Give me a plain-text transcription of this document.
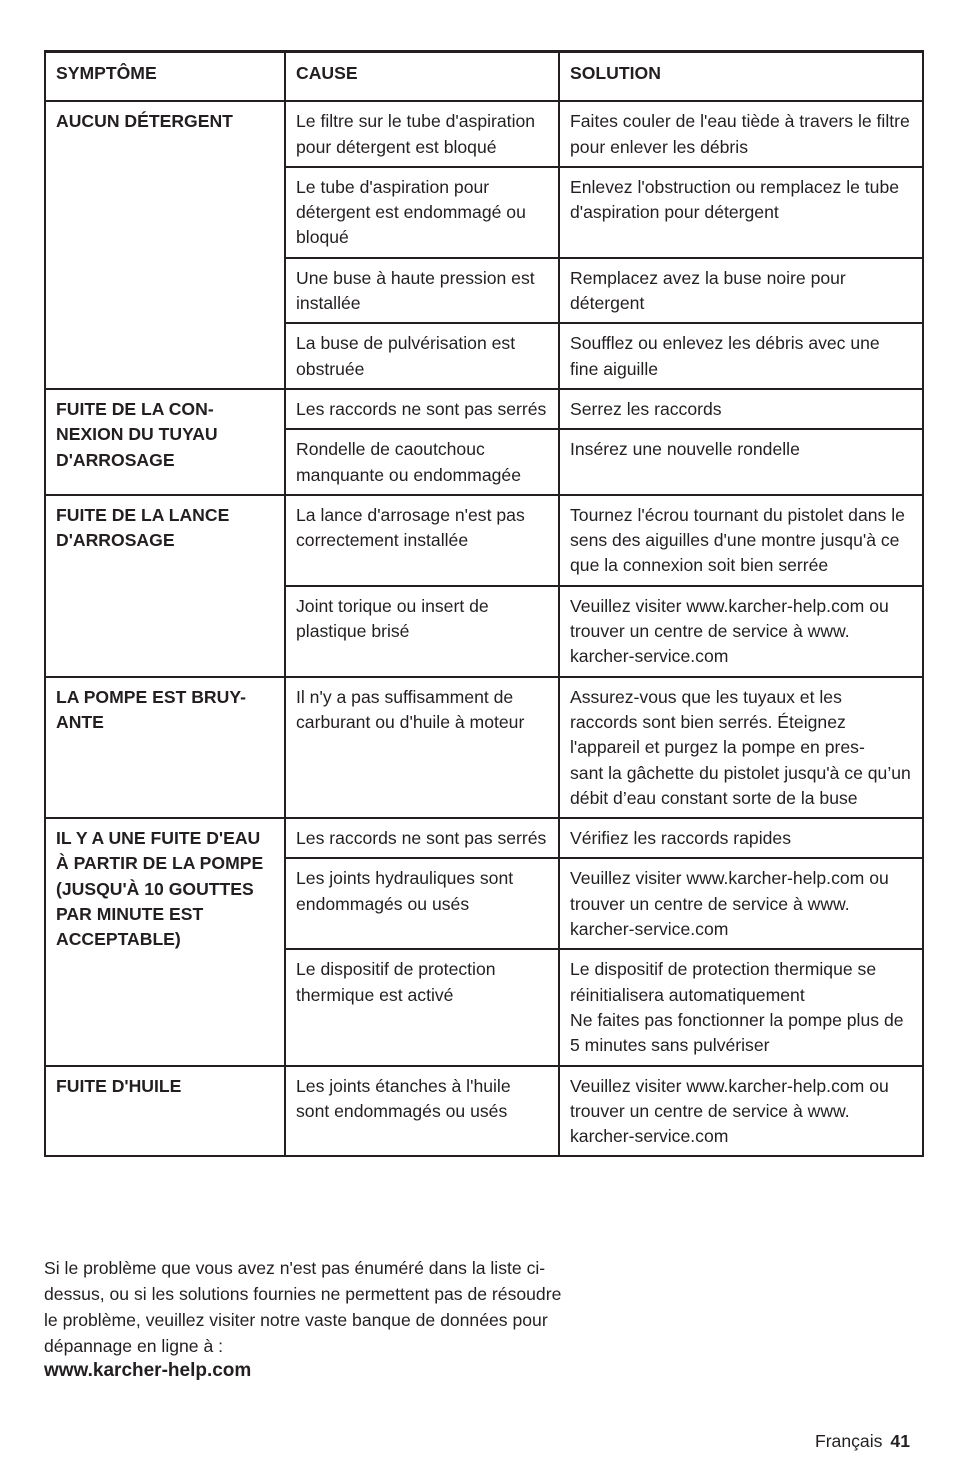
SYMPTÔME	CAUSE	SOLUTION
AUCUN DÉTERGENT	Le filtre sur le tube d'aspiration pour détergent est bloqué	Faites couler de l'eau tiède à travers le filtre pour enlever les débris
	Le tube d'aspiration pour détergent est endommagé ou bloqué	Enlevez l'obstruction ou remplacez le tube d'aspiration pour détergent
	Une buse à haute pression est installée	Remplacez avez la buse noire pour détergent
	La buse de pulvérisation est obstruée	Soufflez ou enlevez les débris avec une fine aiguille
FUITE DE LA CON-
NEXION DU TUYAU
D'ARROSAGE	Les raccords ne sont pas serrés	Serrez les raccords
	Rondelle de caoutchouc manquante ou endommagée	Insérez une nouvelle rondelle
FUITE DE LA LANCE D'ARROSAGE	La lance d'arrosage n'est pas correctement installée	Tournez l'écrou tournant du pistolet dans le sens des aiguilles d'une montre jusqu'à ce que la connexion soit bien serrée
	Joint torique ou insert de plastique brisé	Veuillez visiter www.karcher-help.com ou trouver un centre de service à www. karcher-service.com
LA POMPE EST BRUY-
ANTE	Il n'y a pas suffisamment de carburant ou d'huile à moteur	Assurez-vous que les tuyaux et les raccords sont bien serrés. Éteignez l'appareil et purgez la pompe en pres-
sant la gâchette du pistolet jusqu'à ce qu’un débit d’eau constant sorte de la buse
IL Y A UNE FUITE D'EAU À PARTIR DE LA POMPE (JUSQU'À 10 GOUTTES PAR MINUTE EST ACCEPTABLE)	Les raccords ne sont pas serrés	Vérifiez les raccords rapides
	Les joints hydrauliques sont endommagés ou usés	Veuillez visiter www.karcher-help.com ou trouver un centre de service à www. karcher-service.com
	Le dispositif de protection thermique est activé	Le dispositif de protection thermique se réinitialisera automatiquement
Ne faites pas fonctionner la pompe plus de 5 minutes sans pulvériser
FUITE D'HUILE	Les joints étanches à l'huile sont endommagés ou usés	Veuillez visiter www.karcher-help.com ou trouver un centre de service à www. karcher-service.com
Si le problème que vous avez n'est pas énuméré dans la liste ci-dessus, ou si les solutions fournies ne permettent pas de résoudre le problème, veuillez visiter notre vaste banque de données pour dépannage en ligne à :
www.karcher-help.com
Français 41
